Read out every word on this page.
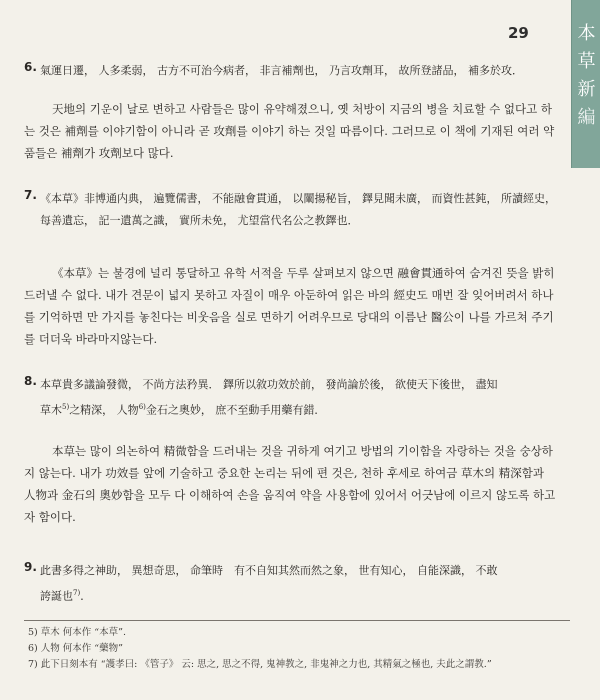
29	本
草
新
編
6. 氣運日遷， 人多柔弱， 古方不可治今病者， 非言補劑也， 乃言攻劑耳， 故所登諸品， 補多於攻．
天地의 기운이 날로 변하고 사람들은 많이 유약해졌으니, 옛 처방이 지금의 병을 치료할 수 없다고 하는 것은 補劑를 이야기함이 아니라 곧 攻劑를 이야기 하는 것일 따름이다. 그러므로 이 책에 기재된 여러 약품들은 補劑가 攻劑보다 많다.
7. 《本草》非博通内典， 遍覽儒書， 不能融會貫通， 以闡揚秘旨， 鐸見聞未廣， 而資性甚鈍， 所讀經史， 每善遺忘， 記一遺萬之識， 實所未免， 尤望當代名公之教鐸也．
《本草》는 불경에 널리 통달하고 유학 서적을 두루 살펴보지 않으면 融會貫通하여 숨겨진 뜻을 밝히 드러낼 수 없다. 내가 견문이 넓지 못하고 자질이 매우 아둔하여 읽은 바의 經史도 매번 잘 잊어버려서 하나를 기억하면 만 가지를 놓친다는 비웃음을 실로 면하기 어려우므로 당대의 이름난 醫公이 나를 가르쳐 주기를 더더욱 바라마지않는다.
8. 本草貴多議論發微， 不尚方法矜異． 鐸所以敘功效於前， 發尚論於後， 欲使天下後世， 盡知
草木$^{5)}$之精深， 人物$^{6)}$金石之奧妙， 庶不至動手用藥有錯．
本草는 많이 의논하여 精微함을 드러내는 것을 귀하게 여기고 방법의 기이함을 자랑하는 것을 숭상하지 않는다. 내가 功效를 앞에 기술하고 중요한 논리는 뒤에 편 것은, 천하 후세로 하여금 草木의 精深함과 人物과 金石의 奧妙함을 모두 다 이해하여 손을 움직여 약을 사용함에 있어서 어긋남에 이르지 않도록 하고자 함이다.
9. 此書多得之神助， 異想奇思， 命筆時　有不自知其然而然之象， 世有知心， 自能深識， 不敢
誇誕也$^{7)}$．
5) 草木 何本作 “本草”.
6) 人物 何本作 “藥物”
7) 此下日刻本有 “護孝曰: 《管子》 云: 思之, 思之不得, 鬼神教之, 非鬼神之力也, 其精氣之極也, 夫此之謂教.”
